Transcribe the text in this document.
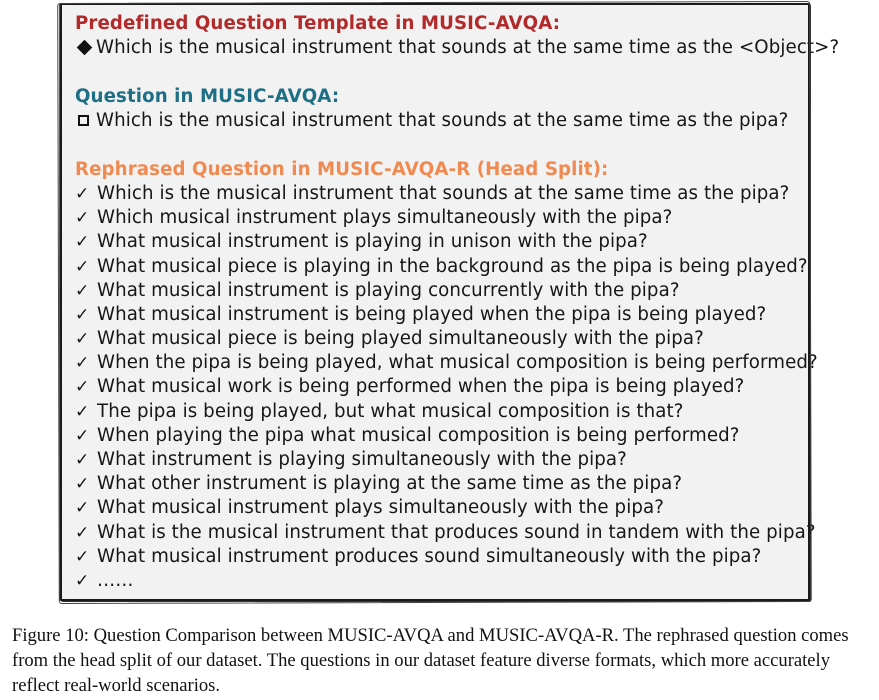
Predefined Question Template in MUSIC-AVQA:
Which is the musical instrument that sounds at the same time as the <Object>?
Question in MUSIC-AVQA:
Which is the musical instrument that sounds at the same time as the pipa?
Rephrased Question in MUSIC-AVQA-R (Head Split):
✓ Which is the musical instrument that sounds at the same time as the pipa?
✓ Which musical instrument plays simultaneously with the pipa?
✓ What musical instrument is playing in unison with the pipa?
✓ What musical piece is playing in the background as the pipa is being played?
✓ What musical instrument is playing concurrently with the pipa?
✓ What musical instrument is being played when the pipa is being played?
✓ What musical piece is being played simultaneously with the pipa?
✓ When the pipa is being played, what musical composition is being performed?
✓ What musical work is being performed when the pipa is being played?
✓ The pipa is being played, but what musical composition is that?
✓ When playing the pipa what musical composition is being performed?
✓ What instrument is playing simultaneously with the pipa?
✓ What other instrument is playing at the same time as the pipa?
✓ What musical instrument plays simultaneously with the pipa?
✓ What is the musical instrument that produces sound in tandem with the pipa?
✓ What musical instrument produces sound simultaneously with the pipa?
✓ ……
Figure 10: Question Comparison between MUSIC-AVQA and MUSIC-AVQA-R. The rephrased question comes from the head split of our dataset. The questions in our dataset feature diverse formats, which more accurately reflect real-world scenarios.
